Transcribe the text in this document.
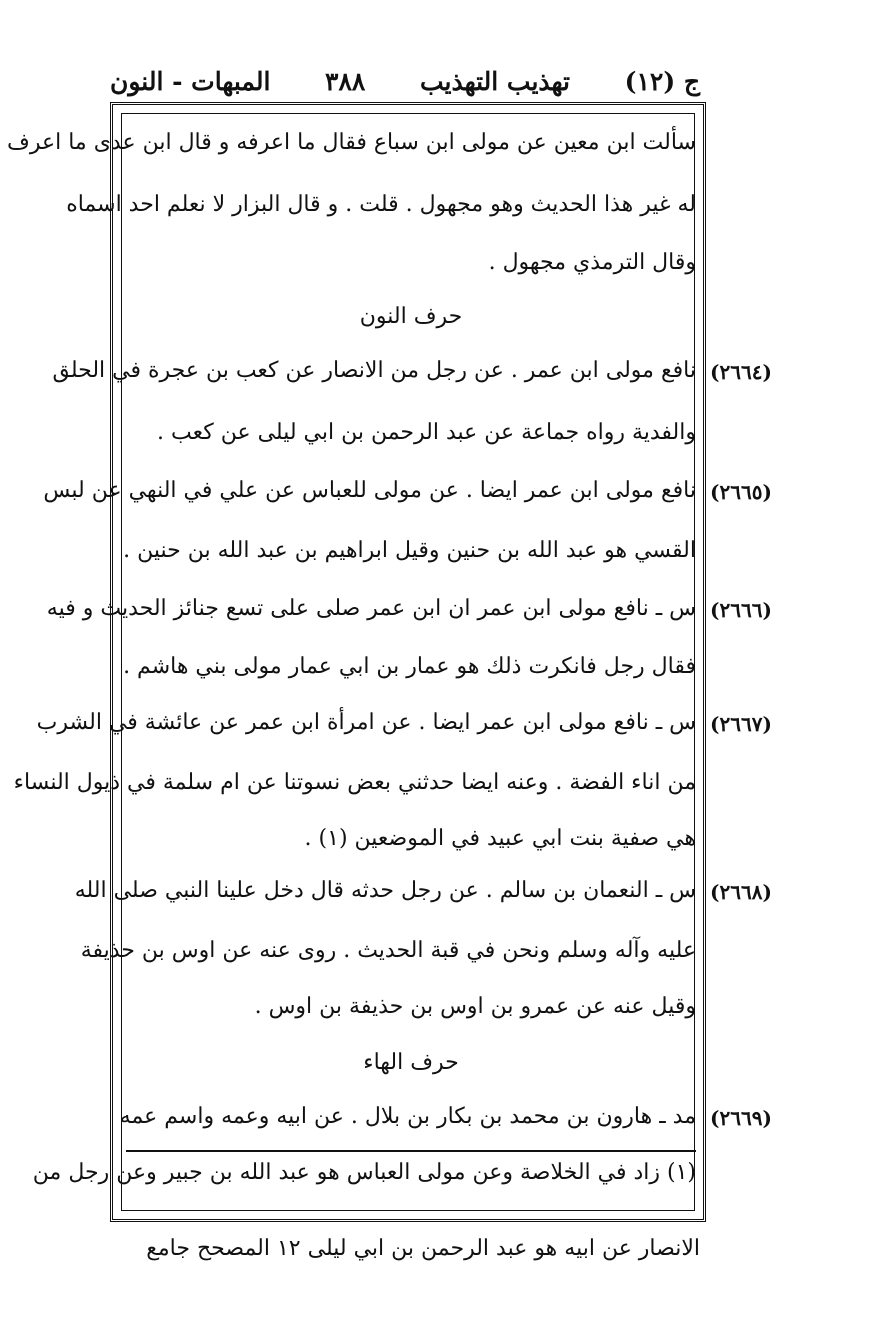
ج (١٢)
تهذيب التهذيب
٣٨٨
المبهات - النون
سألت ابن معين عن مولى ابن سباع فقال ما اعرفه و قال ابن عدى ما اعرف
له غير هذا الحديث وهو مجهول . قلت . و قال البزار لا نعلم احد اسماه
وقال الترمذي مجهول .
حرف النون
(٢٦٦٤)
نافع مولى ابن عمر . عن رجل من الانصار عن كعب بن عجرة في الحلق
والفدية رواه جماعة عن عبد الرحمن بن ابي ليلى عن كعب .
(٢٦٦٥)
نافع مولى ابن عمر ايضا . عن مولى للعباس عن علي في النهي عن لبس
القسي هو عبد الله بن حنين وقيل ابراهيم بن عبد الله بن حنين .
(٢٦٦٦)
س ـ نافع مولى ابن عمر ان ابن عمر صلى على تسع جنائز الحديث و فيه
فقال رجل فانكرت ذلك هو عمار بن ابي عمار مولى بني هاشم .
(٢٦٦٧)
س ـ نافع مولى ابن عمر ايضا . عن امرأة ابن عمر عن عائشة في الشرب
من اناء الفضة . وعنه ايضا حدثني بعض نسوتنا عن ام سلمة في ذيول النساء
هي صفية بنت ابي عبيد في الموضعين (١) .
(٢٦٦٨)
س ـ النعمان بن سالم . عن رجل حدثه قال دخل علينا النبي صلى الله
عليه وآله وسلم ونحن في قبة الحديث . روى عنه عن اوس بن حذيفة
وقيل عنه عن عمرو بن اوس بن حذيفة بن اوس .
حرف الهاء
(٢٦٦٩)
مد ـ هارون بن محمد بن بكار بن بلال . عن ابيه وعمه واسم عمه
(١) زاد في الخلاصة وعن مولى العباس هو عبد الله بن جبير وعن رجل من
الانصار عن ابيه هو عبد الرحمن بن ابي ليلى ١٢ المصحح جامع
